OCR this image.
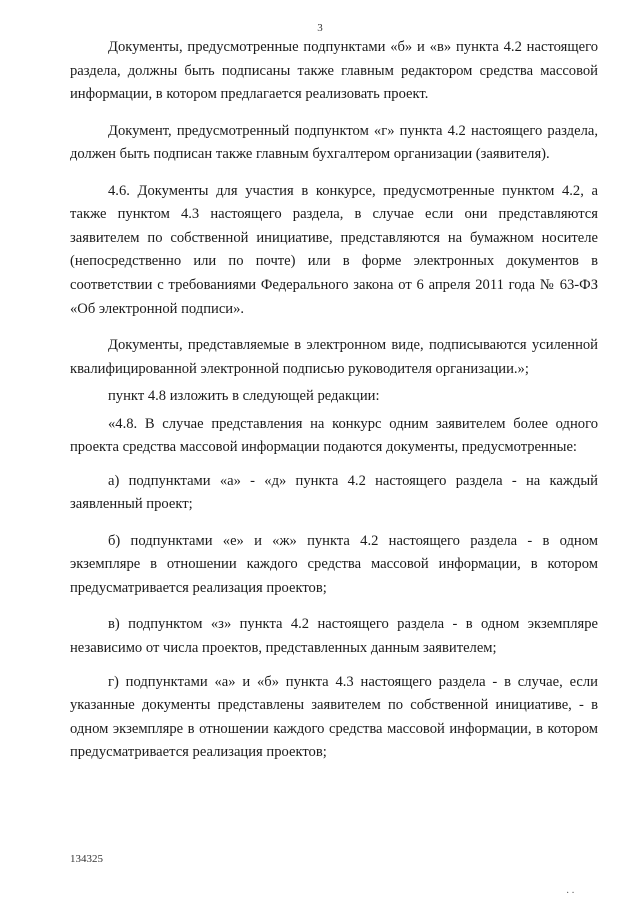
3

Документы, предусмотренные подпунктами «б» и «в» пункта 4.2 настоящего раздела, должны быть подписаны также главным редактором средства массовой информации, в котором предлагается реализовать проект.

Документ, предусмотренный подпунктом «г» пункта 4.2 настоящего раздела, должен быть подписан также главным бухгалтером организации (заявителя).

4.6. Документы для участия в конкурсе, предусмотренные пунктом 4.2, а также пунктом 4.3 настоящего раздела, в случае если они представляются заявителем по собственной инициативе, представляются на бумажном носителе (непосредственно или по почте) или в форме электронных документов в соответствии с требованиями Федерального закона от 6 апреля 2011 года № 63-ФЗ «Об электронной подписи».

Документы, представляемые в электронном виде, подписываются усиленной квалифицированной электронной подписью руководителя организации.»;

пункт 4.8 изложить в следующей редакции:

«4.8. В случае представления на конкурс одним заявителем более одного проекта средства массовой информации подаются документы, предусмотренные:

а) подпунктами «а» - «д» пункта 4.2 настоящего раздела - на каждый заявленный проект;

б) подпунктами «е» и «ж» пункта 4.2 настоящего раздела - в одном экземпляре в отношении каждого средства массовой информации, в котором предусматривается реализация проектов;

в) подпунктом «з» пункта 4.2 настоящего раздела - в одном экземпляре независимо от числа проектов, представленных данным заявителем;

г) подпунктами «а» и «б» пункта 4.3 настоящего раздела - в случае, если указанные документы представлены заявителем по собственной инициативе, - в одном экземпляре в отношении каждого средства массовой информации, в котором предусматривается реализация проектов;

134325
··
